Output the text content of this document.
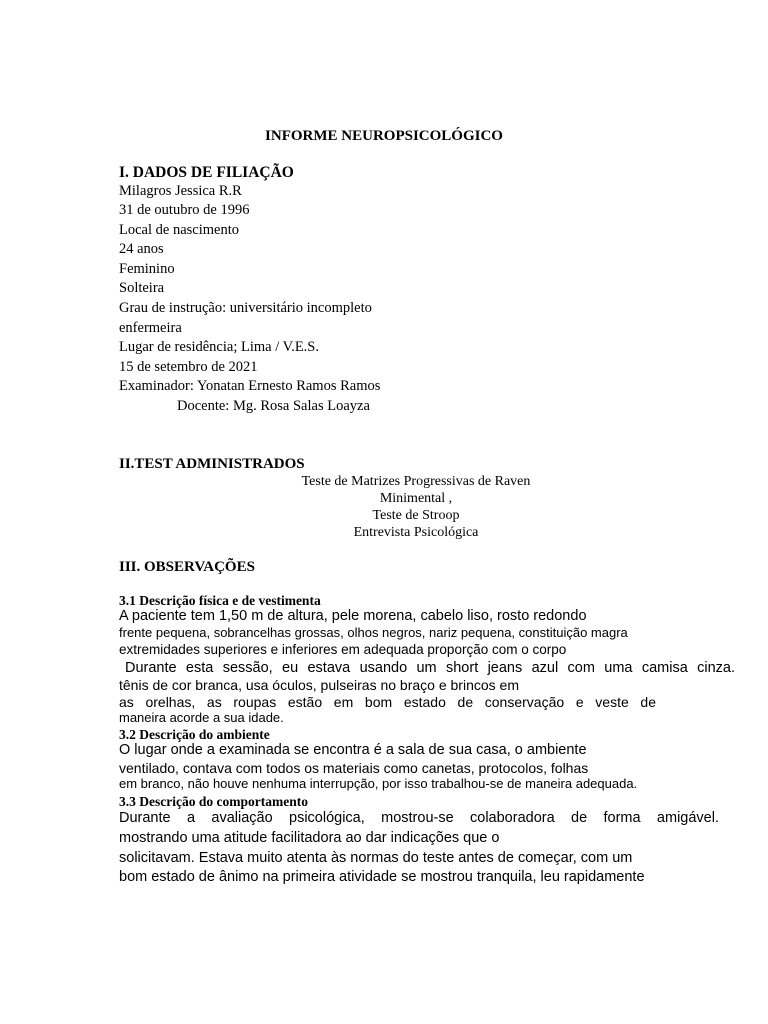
INFORME NEUROPSICOLÓGICO
I. DADOS DE FILIAÇÃO
Milagros Jessica R.R
31 de outubro de 1996
Local de nascimento
24 anos
Feminino
Solteira
Grau de instrução: universitário incompleto
enfermeira
Lugar de residência; Lima / V.E.S.
15 de setembro de 2021
Examinador: Yonatan Ernesto Ramos Ramos
Docente: Mg. Rosa Salas Loayza
II.TEST ADMINISTRADOS
Teste de Matrizes Progressivas de Raven
Minimental ,
Teste de Stroop
Entrevista Psicológica
III. OBSERVAÇÕES
3.1 Descrição física e de vestimenta
A paciente tem 1,50 m de altura, pele morena, cabelo liso, rosto redondo
frente pequena, sobrancelhas grossas, olhos negros, nariz pequena, constituição magra
extremidades superiores e inferiores em adequada proporção com o corpo
Durante esta sessão, eu estava usando um short jeans azul com uma camisa cinza.
tênis de cor branca, usa óculos, pulseiras no braço e brincos em
as orelhas, as roupas estão em bom estado de conservação e veste de
maneira acorde a sua idade.
3.2 Descrição do ambiente
O lugar onde a examinada se encontra é a sala de sua casa, o ambiente
ventilado, contava com todos os materiais como canetas, protocolos, folhas
em branco, não houve nenhuma interrupção, por isso trabalhou-se de maneira adequada.
3.3 Descrição do comportamento
Durante a avaliação psicológica, mostrou-se colaboradora de forma amigável.
mostrando uma atitude facilitadora ao dar indicações que o
solicitavam. Estava muito atenta às normas do teste antes de começar, com um
bom estado de ânimo na primeira atividade se mostrou tranquila, leu rapidamente
